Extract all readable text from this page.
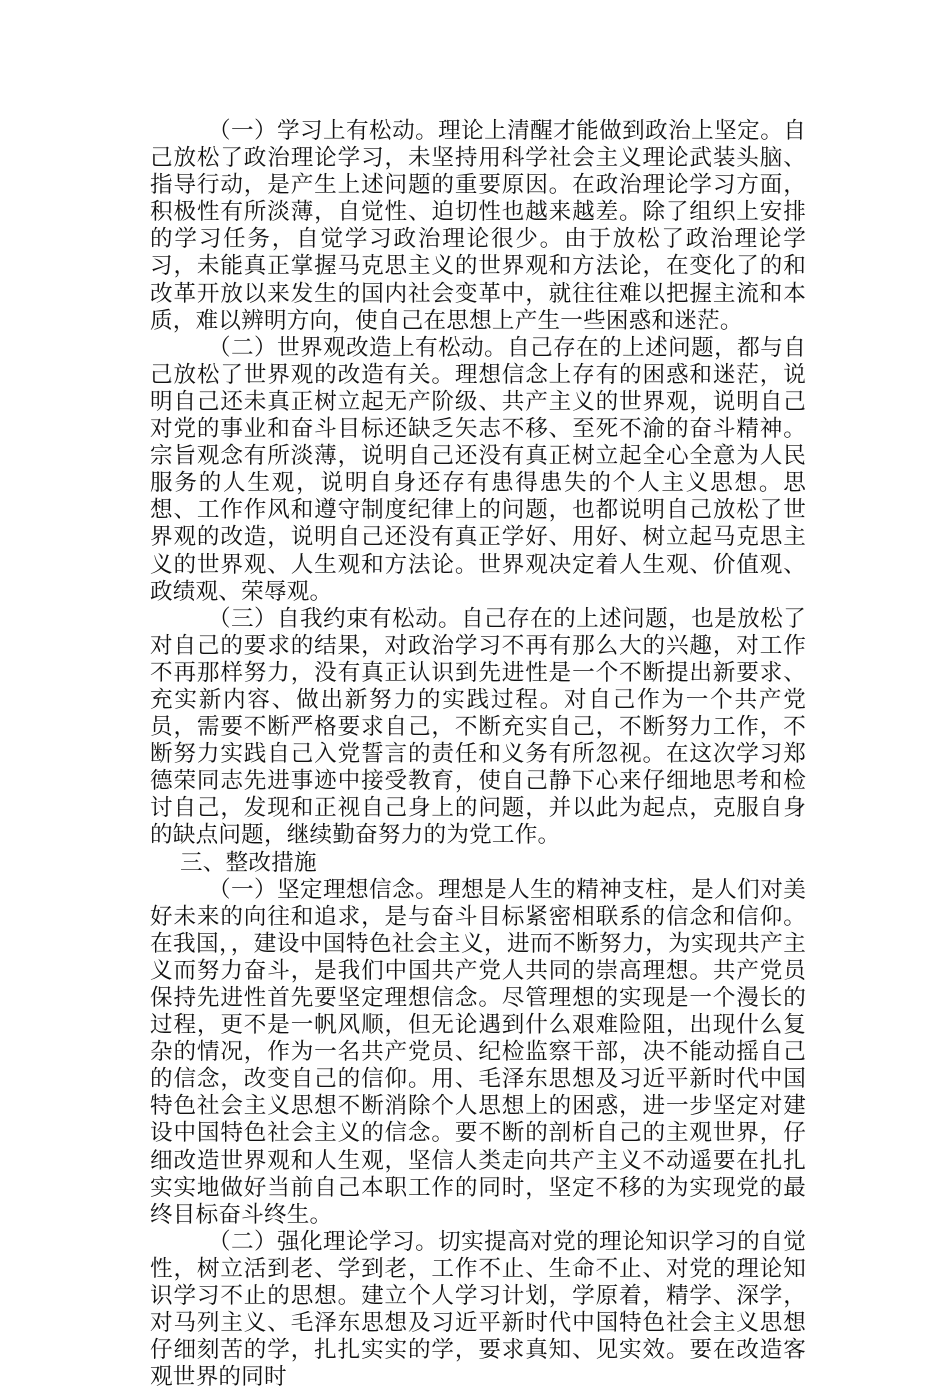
（一）学习上有松动。理论上清醒才能做到政治上坚定。自己放松了政治理论学习，未坚持用科学社会主义理论武装头脑、指导行动，是产生上述问题的重要原因。在政治理论学习方面，积极性有所淡薄，自觉性、迫切性也越来越差。除了组织上安排的学习任务，自觉学习政治理论很少。由于放松了政治理论学习，未能真正掌握马克思主义的世界观和方法论，在变化了的和改革开放以来发生的国内社会变革中，就往往难以把握主流和本质，难以辨明方向，使自己在思想上产生一些困惑和迷茫。

（二）世界观改造上有松动。自己存在的上述问题，都与自己放松了世界观的改造有关。理想信念上存有的困惑和迷茫，说明自己还未真正树立起无产阶级、共产主义的世界观，说明自己对党的事业和奋斗目标还缺乏矢志不移、至死不渝的奋斗精神。宗旨观念有所淡薄，说明自己还没有真正树立起全心全意为人民服务的人生观，说明自身还存有患得患失的个人主义思想。思想、工作作风和遵守制度纪律上的问题，也都说明自己放松了世界观的改造，说明自己还没有真正学好、用好、树立起马克思主义的世界观、人生观和方法论。世界观决定着人生观、价值观、政绩观、荣辱观。

（三）自我约束有松动。自己存在的上述问题，也是放松了对自己的要求的结果，对政治学习不再有那么大的兴趣，对工作不再那样努力，没有真正认识到先进性是一个不断提出新要求、充实新内容、做出新努力的实践过程。对自己作为一个共产党员，需要不断严格要求自己，不断充实自己，不断努力工作，不断努力实践自己入党誓言的责任和义务有所忽视。在这次学习郑德荣同志先进事迹中接受教育，使自己静下心来仔细地思考和检讨自己，发现和正视自己身上的问题，并以此为起点，克服自身的缺点问题，继续勤奋努力的为党工作。

三、整改措施

（一）坚定理想信念。理想是人生的精神支柱，是人们对美好未来的向往和追求，是与奋斗目标紧密相联系的信念和信仰。在我国，，建设中国特色社会主义，进而不断努力，为实现共产主义而努力奋斗，是我们中国共产党人共同的崇高理想。共产党员保持先进性首先要坚定理想信念。尽管理想的实现是一个漫长的过程，更不是一帆风顺，但无论遇到什么艰难险阻，出现什么复杂的情况，作为一名共产党员、纪检监察干部，决不能动摇自己的信念，改变自己的信仰。用、毛泽东思想及习近平新时代中国特色社会主义思想不断消除个人思想上的困惑，进一步坚定对建设中国特色社会主义的信念。要不断的剖析自己的主观世界，仔细改造世界观和人生观，坚信人类走向共产主义不动遥要在扎扎实实地做好当前自己本职工作的同时，坚定不移的为实现党的最终目标奋斗终生。

（二）强化理论学习。切实提高对党的理论知识学习的自觉性，树立活到老、学到老，工作不止、生命不止、对党的理论知识学习不止的思想。建立个人学习计划，学原着，精学、深学，对马列主义、毛泽东思想及习近平新时代中国特色社会主义思想仔细刻苦的学，扎扎实实的学，要求真知、见实效。要在改造客观世界的同时
